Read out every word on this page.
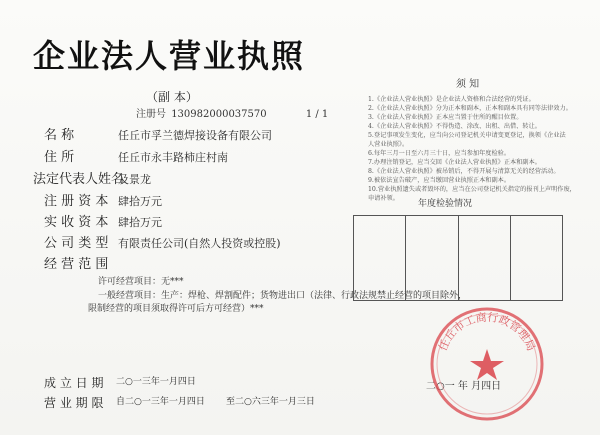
企业法人营业执照
（副 本）
注册号 130982000037570	1 / 1
名 称	任丘市孚兰德焊接设备有限公司
住 所	任丘市永丰路柿庄村南
法定代表人姓名
及景龙
注 册 资 本 肆拾万元
实 收 资 本 肆拾万元
公 司 类 型 有限责任公司(自然人投资或控股)
经 营 范 围
许可经营项目：无***
一般经营项目：生产：焊枪、焊割配件；货物进出口（法律、行政法规禁止经营的项目除外，
限制经营的项目须取得许可后方可经营）***
成 立 日 期 二○一三年一月四日
营 业 期 限 自二○一三年一月四日 至二○六三年一月三日
须 知
1.《企业法人营业执照》是企业法人资格和合法经营的凭证。
2.《企业法人营业执照》分为正本和副本，正本和副本具有同等法律效力。
3.《企业法人营业执照》正本应当置于住所的醒目位置。
4.《企业法人营业执照》不得伪造、涂改、出租、出借、转让。
5.登记事项发生变化，应当向公司登记机关申请变更登记，换领《企业法
人营业执照》。
6.每年三月一日至六月三十日，应当参加年度检验。
7.办理注销登记，应当交回《企业法人营业执照》正本和副本。
8.《企业法人营业执照》被吊销后，不得开展与清算无关的经营活动。
9.被依法宣告破产，应当缴回营业执照正本和副本。
10.营业执照遗失或者毁坏的，应当在公司登记机关指定的报刊上声明作废，
申请补领。
年度检验情况
二○一 年 月四日
任丘市工商行政管理局
